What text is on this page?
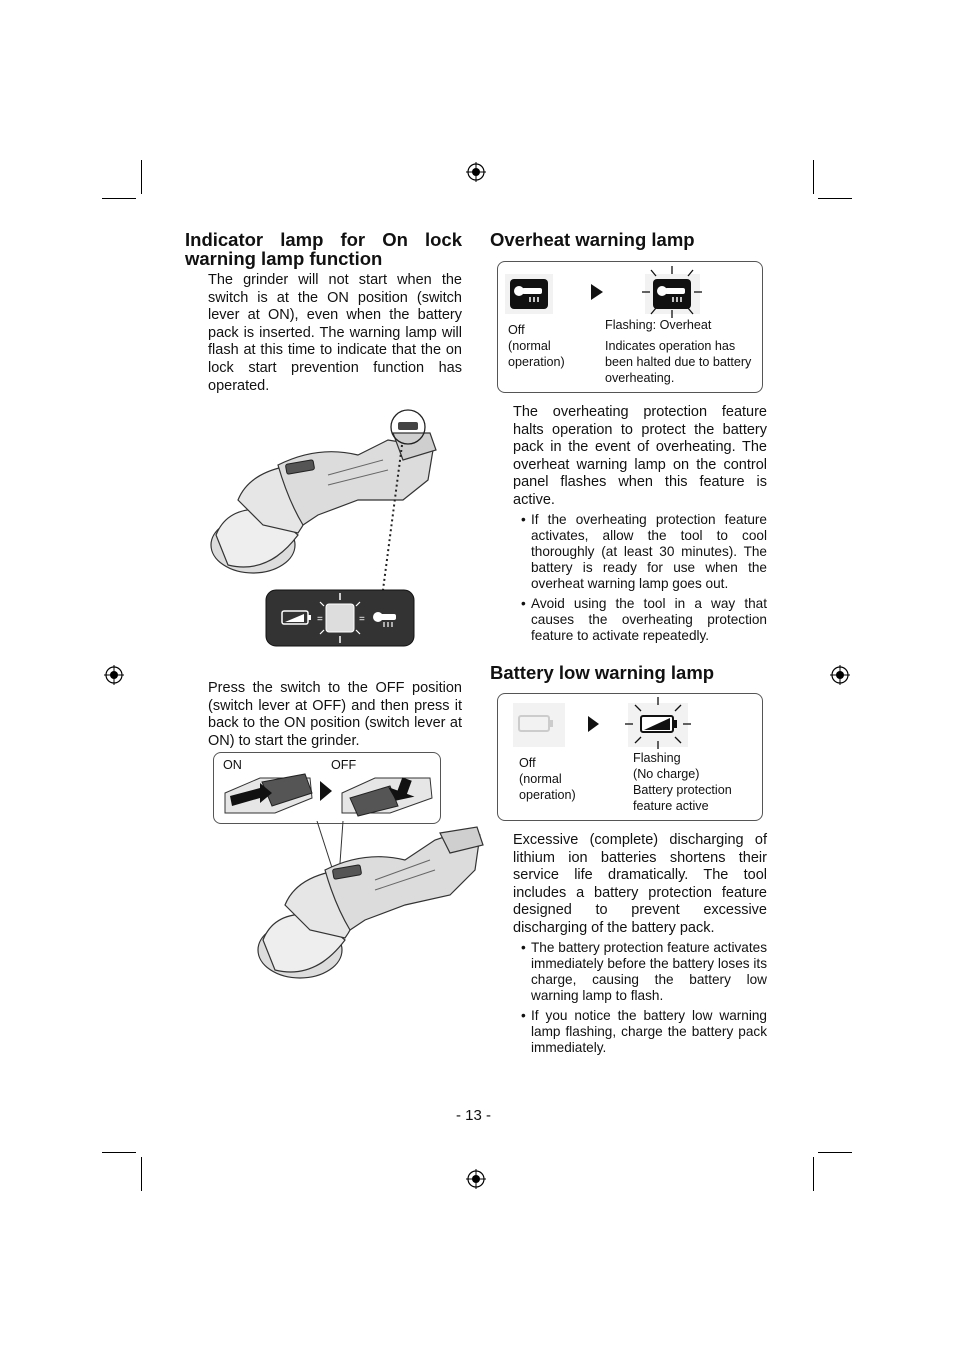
Indicator lamp for On lock warning lamp function

The grinder will not start when the switch is at the ON position (switch lever at ON), even when the battery pack is inserted. The warning lamp will flash at this time to indicate that the on lock start prevention function has operated.

=	=

Press the switch to the OFF position (switch lever at OFF) and then press it back to the ON position (switch lever at ON) to start the grinder.

ON	OFF
Overheat warning lamp

Off
(normal
operation)

Flashing: Overheat

Indicates operation has been halted due to battery overheating.

The overheating protection feature halts operation to protect the battery pack in the event of overheating. The overheat warning lamp on the control panel flashes when this feature is active.

• If the overheating protection feature activates, allow the tool to cool thoroughly (at least 30 minutes). The battery is ready for use when the overheat warning lamp goes out.
• Avoid using the tool in a way that causes the overheating protection feature to activate repeatedly.
Battery low warning lamp

Off
(normal
operation)

Flashing
(No charge)
Battery protection
feature active

Excessive (complete) discharging of lithium ion batteries shortens their service life dramatically. The tool includes a battery protection feature designed to prevent excessive discharging of the battery pack.

• The battery protection feature activates immediately before the battery loses its charge, causing the battery low warning lamp to flash.
• If you notice the battery low warning lamp flashing, charge the battery pack immediately.
- 13 -
